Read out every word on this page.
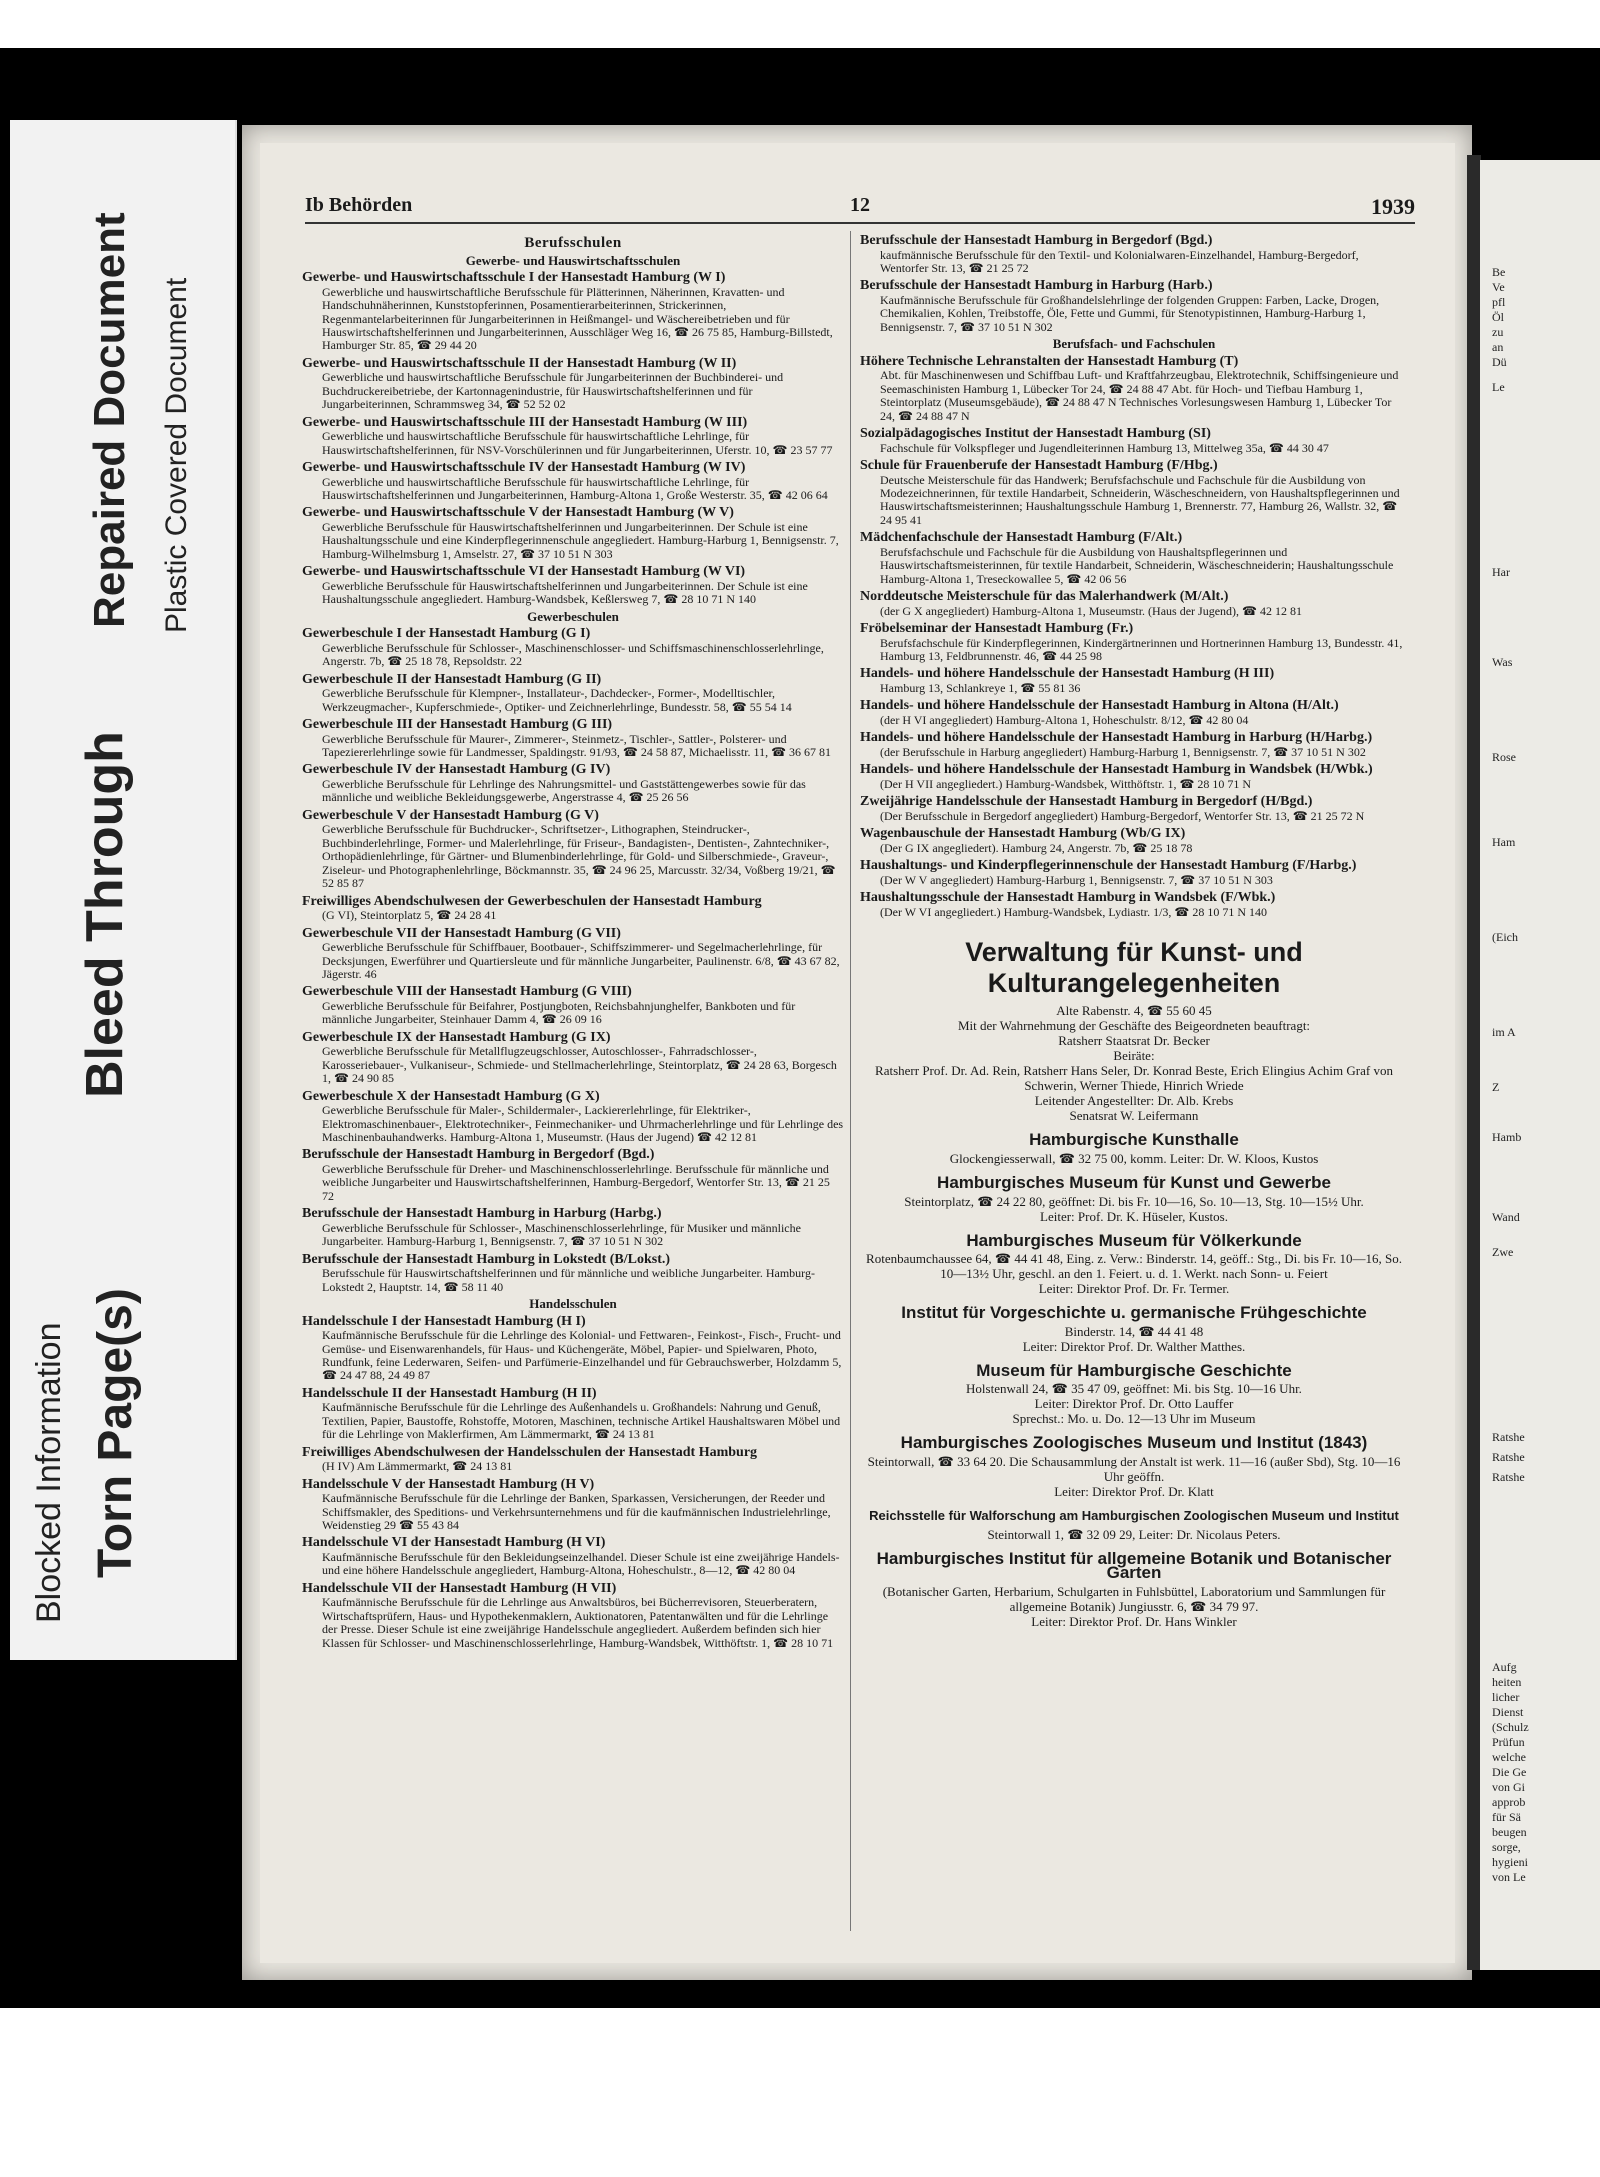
Blocked Information Torn Page(s)
Bleed Through
Repaired Document Plastic Covered Document
Ib Behörden	12	1939
Berufsschulen
Gewerbe- und Hauswirtschaftsschulen
Gewerbe- und Hauswirtschaftsschule I der Hansestadt Hamburg (W I)
Gewerbliche und hauswirtschaftliche Berufsschule für Plätterinnen, Näherinnen, Kravatten- und Handschuhnäherinnen, Kunststopferinnen, Posamentierarbeiterinnen, Strickerinnen, Regenmantelarbeiterinnen für Jungarbeiterinnen in Heißmangel- und Wäschereibetrieben und für Hauswirtschaftshelferinnen und Jungarbeiterinnen, Ausschläger Weg 16, ☎ 26 75 85, Hamburg-Billstedt, Hamburger Str. 85, ☎ 29 44 20
Gewerbe- und Hauswirtschaftsschule II der Hansestadt Hamburg (W II)
Gewerbliche und hauswirtschaftliche Berufsschule für Jungarbeiterinnen der Buchbinderei- und Buchdruckereibetriebe, der Kartonnagenindustrie, für Hauswirtschaftshelferinnen und für Jungarbeiterinnen, Schrammsweg 34, ☎ 52 52 02
Gewerbe- und Hauswirtschaftsschule III der Hansestadt Hamburg (W III)
Gewerbliche und hauswirtschaftliche Berufsschule für hauswirtschaftliche Lehrlinge, für Hauswirtschaftshelferinnen, für NSV-Vorschülerinnen und für Jungarbeiterinnen, Uferstr. 10, ☎ 23 57 77
Gewerbe- und Hauswirtschaftsschule IV der Hansestadt Hamburg (W IV)
Gewerbliche und hauswirtschaftliche Berufsschule für hauswirtschaftliche Lehrlinge, für Hauswirtschaftshelferinnen und Jungarbeiterinnen, Hamburg-Altona 1, Große Westerstr. 35, ☎ 42 06 64
Gewerbe- und Hauswirtschaftsschule V der Hansestadt Hamburg (W V)
Gewerbliche Berufsschule für Hauswirtschaftshelferinnen und Jungarbeiterinnen. Der Schule ist eine Haushaltungsschule und eine Kinderpflegerinnenschule angegliedert. Hamburg-Harburg 1, Bennigsenstr. 7, Hamburg-Wilhelmsburg 1, Amselstr. 27, ☎ 37 10 51 N 303
Gewerbe- und Hauswirtschaftsschule VI der Hansestadt Hamburg (W VI)
Gewerbliche Berufsschule für Hauswirtschaftshelferinnen und Jungarbeiterinnen. Der Schule ist eine Haushaltungsschule angegliedert. Hamburg-Wandsbek, Keßlersweg 7, ☎ 28 10 71 N 140
Gewerbeschulen
Gewerbeschule I der Hansestadt Hamburg (G I)
Gewerbliche Berufsschule für Schlosser-, Maschinenschlosser- und Schiffsmaschinenschlosserlehrlinge, Angerstr. 7b, ☎ 25 18 78, Repsoldstr. 22
Gewerbeschule II der Hansestadt Hamburg (G II)
Gewerbliche Berufsschule für Klempner-, Installateur-, Dachdecker-, Former-, Modelltischler, Werkzeugmacher-, Kupferschmiede-, Optiker- und Zeichnerlehrlinge, Bundesstr. 58, ☎ 55 54 14
Gewerbeschule III der Hansestadt Hamburg (G III)
Gewerbliche Berufsschule für Maurer-, Zimmerer-, Steinmetz-, Tischler-, Sattler-, Polsterer- und Tapeziererlehrlinge sowie für Landmesser, Spaldingstr. 91/93, ☎ 24 58 87, Michaelisstr. 11, ☎ 36 67 81
Gewerbeschule IV der Hansestadt Hamburg (G IV)
Gewerbliche Berufsschule für Lehrlinge des Nahrungsmittel- und Gaststättengewerbes sowie für das männliche und weibliche Bekleidungsgewerbe, Angerstrasse 4, ☎ 25 26 56
Gewerbeschule V der Hansestadt Hamburg (G V)
Gewerbliche Berufsschule für Buchdrucker-, Schriftsetzer-, Lithographen, Steindrucker-, Buchbinderlehrlinge, Former- und Malerlehrlinge, für Friseur-, Bandagisten-, Dentisten-, Zahntechniker-, Orthopädienlehrlinge, für Gärtner- und Blumenbinderlehrlinge, für Gold- und Silberschmiede-, Graveur-, Ziseleur- und Photographenlehrlinge, Böckmannstr. 35, ☎ 24 96 25, Marcusstr. 32/34, Voßberg 19/21, ☎ 52 85 87
Freiwilliges Abendschulwesen der Gewerbeschulen der Hansestadt Hamburg
(G VI), Steintorplatz 5, ☎ 24 28 41
Gewerbeschule VII der Hansestadt Hamburg (G VII)
Gewerbliche Berufsschule für Schiffbauer, Bootbauer-, Schiffszimmerer- und Segelmacherlehrlinge, für Decksjungen, Ewerführer und Quartiersleute und für männliche Jungarbeiter, Paulinenstr. 6/8, ☎ 43 67 82, Jägerstr. 46
Gewerbeschule VIII der Hansestadt Hamburg (G VIII)
Gewerbliche Berufsschule für Beifahrer, Postjungboten, Reichsbahnjunghelfer, Bankboten und für männliche Jungarbeiter, Steinhauer Damm 4, ☎ 26 09 16
Gewerbeschule IX der Hansestadt Hamburg (G IX)
Gewerbliche Berufsschule für Metallflugzeugschlosser, Autoschlosser-, Fahrradschlosser-, Karosseriebauer-, Vulkaniseur-, Schmiede- und Stellmacherlehrlinge, Steintorplatz, ☎ 24 28 63, Borgesch 1, ☎ 24 90 85
Gewerbeschule X der Hansestadt Hamburg (G X)
Gewerbliche Berufsschule für Maler-, Schildermaler-, Lackiererlehrlinge, für Elektriker-, Elektromaschinenbauer-, Elektrotechniker-, Feinmechaniker- und Uhrmacherlehrlinge und für Lehrlinge des Maschinenbauhandwerks. Hamburg-Altona 1, Museumstr. (Haus der Jugend) ☎ 42 12 81
Berufsschule der Hansestadt Hamburg in Bergedorf (Bgd.)
Gewerbliche Berufsschule für Dreher- und Maschinenschlosserlehrlinge. Berufsschule für männliche und weibliche Jungarbeiter und Hauswirtschaftshelferinnen, Hamburg-Bergedorf, Wentorfer Str. 13, ☎ 21 25 72
Berufsschule der Hansestadt Hamburg in Harburg (Harbg.)
Gewerbliche Berufsschule für Schlosser-, Maschinenschlosserlehrlinge, für Musiker und männliche Jungarbeiter. Hamburg-Harburg 1, Bennigsenstr. 7, ☎ 37 10 51 N 302
Berufsschule der Hansestadt Hamburg in Lokstedt (B/Lokst.)
Berufsschule für Hauswirtschaftshelferinnen und für männliche und weibliche Jungarbeiter. Hamburg-Lokstedt 2, Hauptstr. 14, ☎ 58 11 40
Handelsschulen
Handelsschule I der Hansestadt Hamburg (H I)
Kaufmännische Berufsschule für die Lehrlinge des Kolonial- und Fettwaren-, Feinkost-, Fisch-, Frucht- und Gemüse- und Eisenwarenhandels, für Haus- und Küchengeräte, Möbel, Papier- und Spielwaren, Photo, Rundfunk, feine Lederwaren, Seifen- und Parfümerie-Einzelhandel und für Gebrauchswerber, Holzdamm 5, ☎ 24 47 88, 24 49 87
Handelsschule II der Hansestadt Hamburg (H II)
Kaufmännische Berufsschule für die Lehrlinge des Außenhandels u. Großhandels: Nahrung und Genuß, Textilien, Papier, Baustoffe, Rohstoffe, Motoren, Maschinen, technische Artikel Haushaltswaren Möbel und für die Lehrlinge von Maklerfirmen, Am Lämmermarkt, ☎ 24 13 81
Freiwilliges Abendschulwesen der Handelsschulen der Hansestadt Hamburg
(H IV) Am Lämmermarkt, ☎ 24 13 81
Handelsschule V der Hansestadt Hamburg (H V)
Kaufmännische Berufsschule für die Lehrlinge der Banken, Sparkassen, Versicherungen, der Reeder und Schiffsmakler, des Speditions- und Verkehrsunternehmens und für die kaufmännischen Industrielehrlinge, Weidenstieg 29 ☎ 55 43 84
Handelsschule VI der Hansestadt Hamburg (H VI)
Kaufmännische Berufsschule für den Bekleidungseinzelhandel. Dieser Schule ist eine zweijährige Handels- und eine höhere Handelsschule angegliedert, Hamburg-Altona, Hoheschulstr., 8—12, ☎ 42 80 04
Handelsschule VII der Hansestadt Hamburg (H VII)
Kaufmännische Berufsschule für die Lehrlinge aus Anwaltsbüros, bei Bücherrevisoren, Steuerberatern, Wirtschaftsprüfern, Haus- und Hypothekenmaklern, Auktionatoren, Patentanwälten und für die Lehrlinge der Presse. Dieser Schule ist eine zweijährige Handelsschule angegliedert. Außerdem befinden sich hier Klassen für Schlosser- und Maschinenschlosserlehrlinge, Hamburg-Wandsbek, Witthöftstr. 1, ☎ 28 10 71
Berufsschule der Hansestadt Hamburg in Bergedorf (Bgd.)
kaufmännische Berufsschule für den Textil- und Kolonialwaren-Einzelhandel, Hamburg-Bergedorf, Wentorfer Str. 13, ☎ 21 25 72
Berufsschule der Hansestadt Hamburg in Harburg (Harb.)
Kaufmännische Berufsschule für Großhandelslehrlinge der folgenden Gruppen: Farben, Lacke, Drogen, Chemikalien, Kohlen, Treibstoffe, Öle, Fette und Gummi, für Stenotypistinnen, Hamburg-Harburg 1, Bennigsenstr. 7, ☎ 37 10 51 N 302
Berufsfach- und Fachschulen
Höhere Technische Lehranstalten der Hansestadt Hamburg (T)
Abt. für Maschinenwesen und Schiffbau Luft- und Kraftfahrzeugbau, Elektrotechnik, Schiffsingenieure und Seemaschinisten Hamburg 1, Lübecker Tor 24, ☎ 24 88 47 Abt. für Hoch- und Tiefbau Hamburg 1, Steintorplatz (Museumsgebäude), ☎ 24 88 47 N Technisches Vorlesungswesen Hamburg 1, Lübecker Tor 24, ☎ 24 88 47 N
Sozialpädagogisches Institut der Hansestadt Hamburg (SI)
Fachschule für Volkspfleger und Jugendleiterinnen Hamburg 13, Mittelweg 35a, ☎ 44 30 47
Schule für Frauenberufe der Hansestadt Hamburg (F/Hbg.)
Deutsche Meisterschule für das Handwerk; Berufsfachschule und Fachschule für die Ausbildung von Modezeichnerinnen, für textile Handarbeit, Schneiderin, Wäscheschneidern, von Haushaltspflegerinnen und Hauswirtschaftsmeisterinnen; Haushaltungsschule Hamburg 1, Brennerstr. 77, Hamburg 26, Wallstr. 32, ☎ 24 95 41
Mädchenfachschule der Hansestadt Hamburg (F/Alt.)
Berufsfachschule und Fachschule für die Ausbildung von Haushaltspflegerinnen und Hauswirtschaftsmeisterinnen, für textile Handarbeit, Schneiderin, Wäscheschneiderin; Haushaltungsschule Hamburg-Altona 1, Treseckowallee 5, ☎ 42 06 56
Norddeutsche Meisterschule für das Malerhandwerk (M/Alt.)
(der G X angegliedert) Hamburg-Altona 1, Museumstr. (Haus der Jugend), ☎ 42 12 81
Fröbelseminar der Hansestadt Hamburg (Fr.)
Berufsfachschule für Kinderpflegerinnen, Kindergärtnerinnen und Hortnerinnen Hamburg 13, Bundesstr. 41, Hamburg 13, Feldbrunnenstr. 46, ☎ 44 25 98
Handels- und höhere Handelsschule der Hansestadt Hamburg (H III)
Hamburg 13, Schlankreye 1, ☎ 55 81 36
Handels- und höhere Handelsschule der Hansestadt Hamburg in Altona (H/Alt.)
(der H VI angegliedert) Hamburg-Altona 1, Hoheschulstr. 8/12, ☎ 42 80 04
Handels- und höhere Handelsschule der Hansestadt Hamburg in Harburg (H/Harbg.)
(der Berufsschule in Harburg angegliedert) Hamburg-Harburg 1, Bennigsenstr. 7, ☎ 37 10 51 N 302
Handels- und höhere Handelsschule der Hansestadt Hamburg in Wandsbek (H/Wbk.)
(Der H VII angegliedert.) Hamburg-Wandsbek, Witthöftstr. 1, ☎ 28 10 71 N
Zweijährige Handelsschule der Hansestadt Hamburg in Bergedorf (H/Bgd.)
(Der Berufsschule in Bergedorf angegliedert) Hamburg-Bergedorf, Wentorfer Str. 13, ☎ 21 25 72 N
Wagenbauschule der Hansestadt Hamburg (Wb/G IX)
(Der G IX angegliedert). Hamburg 24, Angerstr. 7b, ☎ 25 18 78
Haushaltungs- und Kinderpflegerinnenschule der Hansestadt Hamburg (F/Harbg.)
(Der W V angegliedert) Hamburg-Harburg 1, Bennigsenstr. 7, ☎ 37 10 51 N 303
Haushaltungsschule der Hansestadt Hamburg in Wandsbek (F/Wbk.)
(Der W VI angegliedert.) Hamburg-Wandsbek, Lydiastr. 1/3, ☎ 28 10 71 N 140
Verwaltung für Kunst- und Kulturangelegenheiten
Alte Rabenstr. 4, ☎ 55 60 45
Mit der Wahrnehmung der Geschäfte des Beigeordneten beauftragt:
Ratsherr Staatsrat Dr. Becker
Beiräte:
Ratsherr Prof. Dr. Ad. Rein, Ratsherr Hans Seler, Dr. Konrad Beste, Erich Elingius Achim Graf von Schwerin, Werner Thiede, Hinrich Wriede
Leitender Angestellter: Dr. Alb. Krebs
Senatsrat W. Leifermann
Hamburgische Kunsthalle
Glockengiesserwall, ☎ 32 75 00, komm. Leiter: Dr. W. Kloos, Kustos
Hamburgisches Museum für Kunst und Gewerbe
Steintorplatz, ☎ 24 22 80, geöffnet: Di. bis Fr. 10—16, So. 10—13, Stg. 10—15½ Uhr.
Leiter: Prof. Dr. K. Hüseler, Kustos.
Hamburgisches Museum für Völkerkunde
Rotenbaumchaussee 64, ☎ 44 41 48, Eing. z. Verw.: Binderstr. 14, geöff.: Stg., Di. bis Fr. 10—16, So. 10—13½ Uhr, geschl. an den 1. Feiert. u. d. 1. Werkt. nach Sonn- u. Feiert
Leiter: Direktor Prof. Dr. Fr. Termer.
Institut für Vorgeschichte u. germanische Frühgeschichte
Binderstr. 14, ☎ 44 41 48
Leiter: Direktor Prof. Dr. Walther Matthes.
Museum für Hamburgische Geschichte
Holstenwall 24, ☎ 35 47 09, geöffnet: Mi. bis Stg. 10—16 Uhr.
Leiter: Direktor Prof. Dr. Otto Lauffer
Sprechst.: Mo. u. Do. 12—13 Uhr im Museum
Hamburgisches Zoologisches Museum und Institut (1843)
Steintorwall, ☎ 33 64 20. Die Schausammlung der Anstalt ist werk. 11—16 (außer Sbd), Stg. 10—16 Uhr geöffn.
Leiter: Direktor Prof. Dr. Klatt
Reichsstelle für Walforschung am Hamburgischen Zoologischen Museum und Institut
Steintorwall 1, ☎ 32 09 29, Leiter: Dr. Nicolaus Peters.
Hamburgisches Institut für allgemeine Botanik und Botanischer Garten
(Botanischer Garten, Herbarium, Schulgarten in Fuhlsbüttel, Laboratorium und Sammlungen für allgemeine Botanik) Jungiusstr. 6, ☎ 34 79 97.
Leiter: Direktor Prof. Dr. Hans Winkler
Be
Ve
pfl
Öl
zu
an
Dü
Le
Har
Was
Rose
Ham
(Eich
im A
Z
Hamb
Wand
Zwe
Ratshe
Ratshe
Ratshe
Aufg
heiten
licher
Dienst
(Schulz
Prüfun
welche
Die Ge
von Gi
approb
für Sä
beugen
sorge,
hygieni
von Le
